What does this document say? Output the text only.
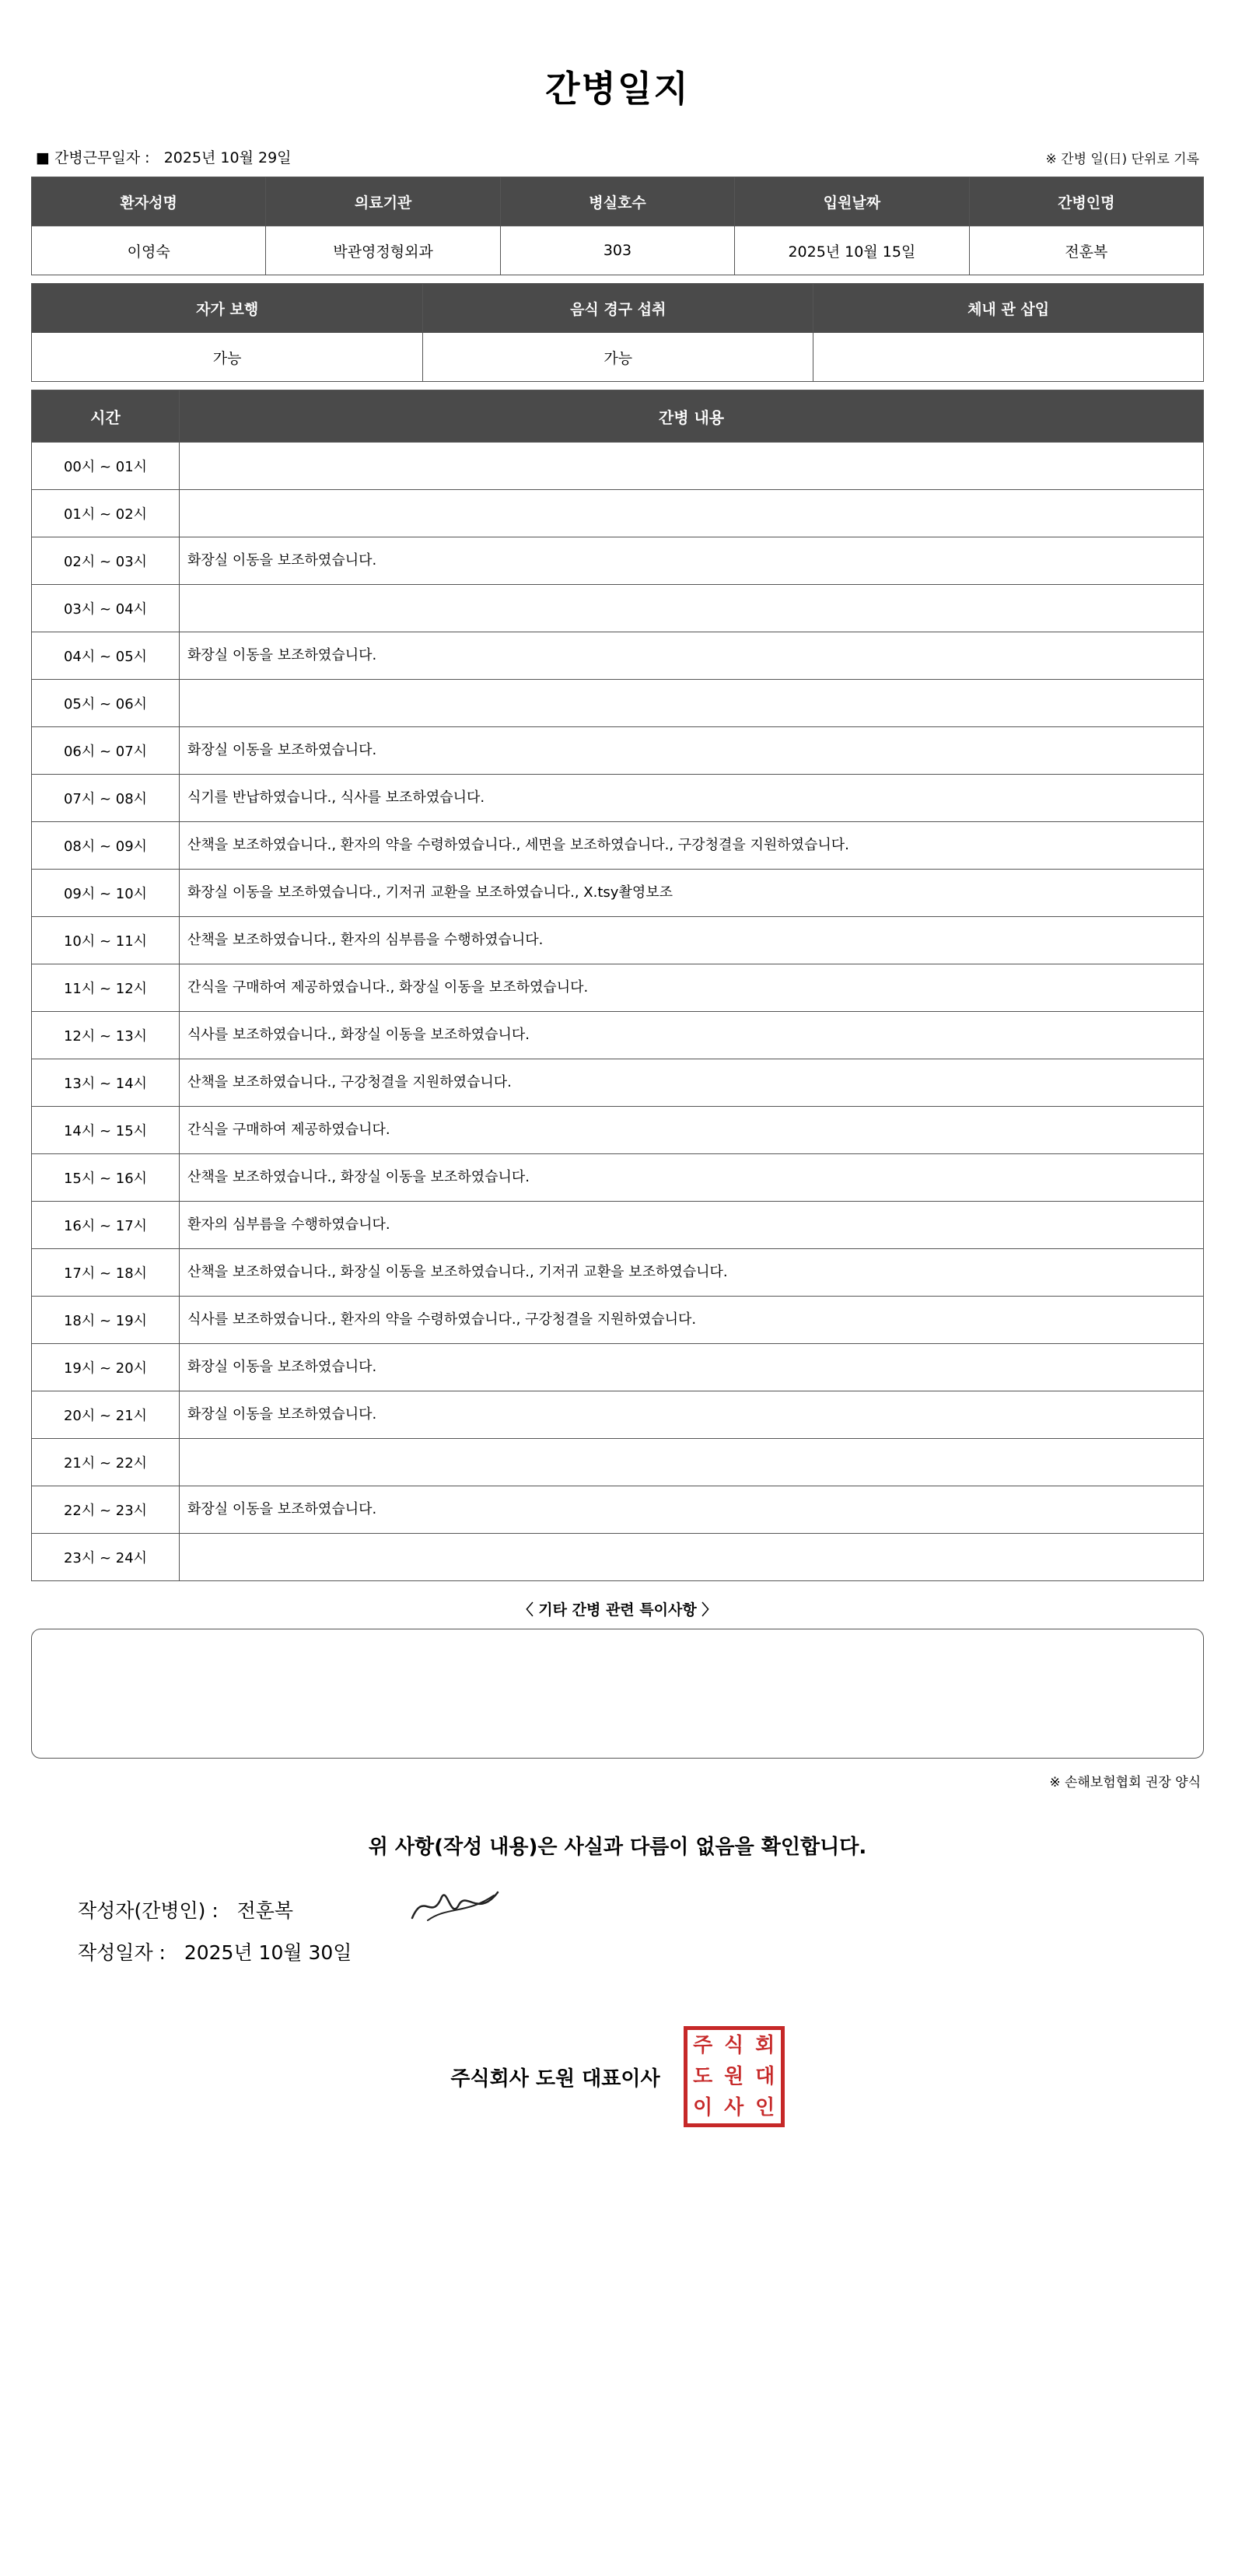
간병일지
■ 간병근무일자 : 2025년 10월 29일	※ 간병 일(日) 단위로 기록
환자성명	의료기관	병실호수	입원날짜	간병인명
이영숙	박관영정형외과	303	2025년 10월 15일	전훈복
자가 보행	음식 경구 섭취	체내 관 삽입
가능	가능	
시간	간병 내용
00시 ~ 01시	
01시 ~ 02시	
02시 ~ 03시	화장실 이동을 보조하였습니다.
03시 ~ 04시	
04시 ~ 05시	화장실 이동을 보조하였습니다.
05시 ~ 06시	
06시 ~ 07시	화장실 이동을 보조하였습니다.
07시 ~ 08시	식기를 반납하였습니다., 식사를 보조하였습니다.
08시 ~ 09시	산책을 보조하였습니다., 환자의 약을 수령하였습니다., 세면을 보조하였습니다., 구강청결을 지원하였습니다.
09시 ~ 10시	화장실 이동을 보조하였습니다., 기저귀 교환을 보조하였습니다., X.tsy촬영보조
10시 ~ 11시	산책을 보조하였습니다., 환자의 심부름을 수행하였습니다.
11시 ~ 12시	간식을 구매하여 제공하였습니다., 화장실 이동을 보조하였습니다.
12시 ~ 13시	식사를 보조하였습니다., 화장실 이동을 보조하였습니다.
13시 ~ 14시	산책을 보조하였습니다., 구강청결을 지원하였습니다.
14시 ~ 15시	간식을 구매하여 제공하였습니다.
15시 ~ 16시	산책을 보조하였습니다., 화장실 이동을 보조하였습니다.
16시 ~ 17시	환자의 심부름을 수행하였습니다.
17시 ~ 18시	산책을 보조하였습니다., 화장실 이동을 보조하였습니다., 기저귀 교환을 보조하였습니다.
18시 ~ 19시	식사를 보조하였습니다., 환자의 약을 수령하였습니다., 구강청결을 지원하였습니다.
19시 ~ 20시	화장실 이동을 보조하였습니다.
20시 ~ 21시	화장실 이동을 보조하였습니다.
21시 ~ 22시	
22시 ~ 23시	화장실 이동을 보조하였습니다.
23시 ~ 24시	
〈 기타 간병 관련 특이사항 〉
※ 손해보험협회 권장 양식
위 사항(작성 내용)은 사실과 다름이 없음을 확인합니다.
작성자(간병인) : 전훈복
작성일자 : 2025년 10월 30일
주식회사 도원 대표이사
주 식 회
도 원 대
이 사 인
